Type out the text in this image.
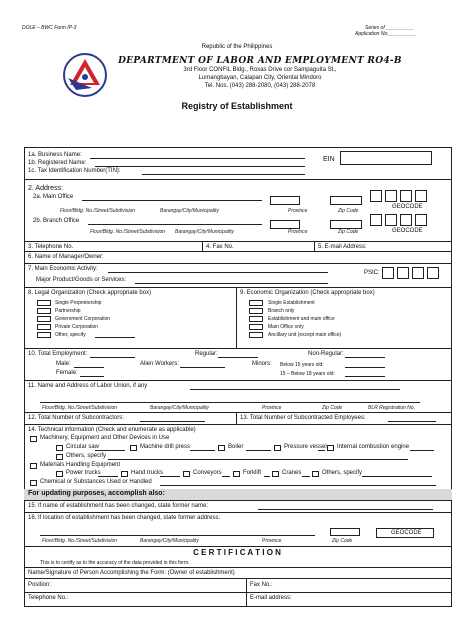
DOLE – BWC Form IP-3	Series of __________
Application No.__________
Republic of the Philippines
DEPARTMENT OF LABOR AND EMPLOYMENT RO4-B
3rd Floor CONFIL Bldg., Roxas Drive cor Sampaguita St.,
Lumangbayan, Calapan City, Oriental Mindoro
Tel. Nos. (043) 288-2080, (043) 288-2078
Registry of Establishment
1a. Business Name:
1b. Registered Name:
1c. Tax Identification Number(TIN):
EIN
2. Address:
2a. Main Office
Floor/Bldg. No./Street/Subdivision	Barangay/City/Municipality	Province	Zip Code
GEOCODE
2b. Branch Office
Floor/Bldg. No./Street/Subdivision Barangay/City/Municipality	Province	Zip Code	GEOCODE
3. Telephone No.	4. Fax No.	5. E-mail Address:
6. Name of Manager/Owner:
7. Main Economic Activity:
Major Product/Goods or Services:
PSIC:
8. Legal Organization (Check appropriate box)
Single Proprietorship
Partnership
Government Corporation
Private Corporation
Other, specify
9. Economic Organization (Check appropriate box)
Single Establishment
Branch only
Establishment and main office
Main Office only
Ancillary unit (except main office)
10. Total Employment:	Regular:	Non-Regular:
Male:	Alien Workers:	Minors: Below 15 years old:
Female:	15 – Below 18 years old:
11. Name and Address of Labor Union, if any
Floor/Bldg. No./Street/Subdivision	Barangay/City/Municipality	Province	Zip Code	BLR Registration No.
12. Total Number of Subcontractors:	13. Total Number of Subcontracted Employees:
14. Technical information (Check and enumerate as applicable)
Machinery, Equipment and Other Devices in Use
Circular saw	Machine drill press	Boiler	Pressure vessel Internal combustion engine
Others, specify
Materials Handling Equipment
Power trucks	Hand trucks	Conveyors	Forklift	Cranes	Others, specify
Chemical or Substances Used or Handled
For updating purposes, accomplish also:
15. If name of establishment has been changed, state former name:
16. If location of establishment has been changed, state former address:
Floor/Bldg. No./Street/Subdivision	Barangay/City/Municipality	Province	Zip Code
GEOCODE
C E R T I F I C A T I O N
This is to certify as to the accuracy of the data provided in this form.
Name/Signature of Person Accomplishing the Form: (Owner of establishment)
Position:	Fax No.:
Telephone No.:	E-mail address:
